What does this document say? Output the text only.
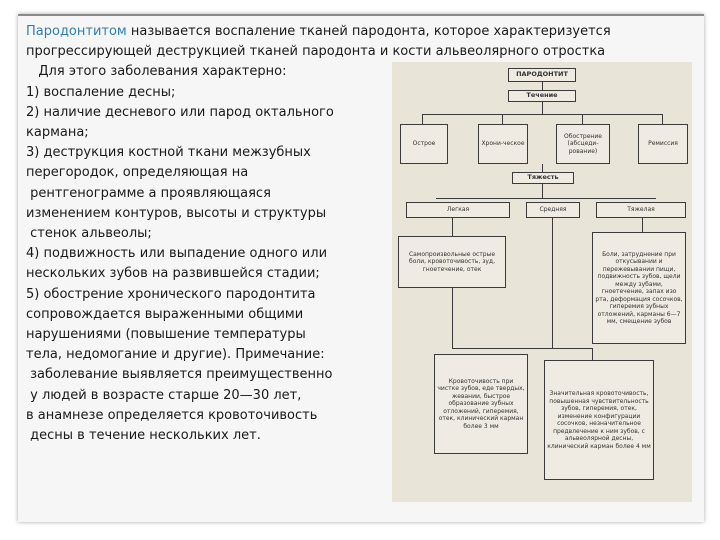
Пародонтитом называется воспаление тканей пародонта, которое характеризуется
прогрессирующей деструкцией тканей пародонта и кости альвеолярного отростка
Для этого заболевания характерно:
1) воспаление десны;
2) наличие десневого или парод октального
кармана;
3) деструкция костной ткани межзубных
перегородок, определяющая на
рентгенограмме а проявляющаяся
изменением контуров, высоты и структуры
стенок альвеолы;
4) подвижность или выпадение одного или
нескольких зубов на развившейся стадии;
5) обострение хронического пародонтита
сопровождается выраженными общими
нарушениями (повышение температуры
тела, недомогание и другие). Примечание:
заболевание выявляется преимущественно
у людей в возрасте старше 20—30 лет,
в анамнезе определяется кровоточивость
десны в течение нескольких лет.
ПАРОДОНТИТ
Течение
Острое	Хрони-ческое
Обострение (абсцеди-рование)
Ремиссия
Тяжесть
Легкая	Средняя	Тяжелая
Самопроизвольные острые боли, кровоточивость, зуд, гноетечение, отек
Боли, затруднение при откусывании и пережевывании пищи, подвижность зубов, щели между зубами, гноетечение, запах изо рта, деформация сосочков, гиперемия зубных отложений, карманы 6—7 мм, смещение зубов
Кровоточивость при чистке зубов, еде твердых, жевании, быстрое образование зубных отложений, гиперемия, отек, клинический карман более 3 мм
Значительная кровоточивость, повышенная чувствительность зубов, гиперемия, отек, изменение конфигурации сосочков, незначительное предвлечение к ним зубов, с альвеолярной десны, клинический карман более 4 мм
